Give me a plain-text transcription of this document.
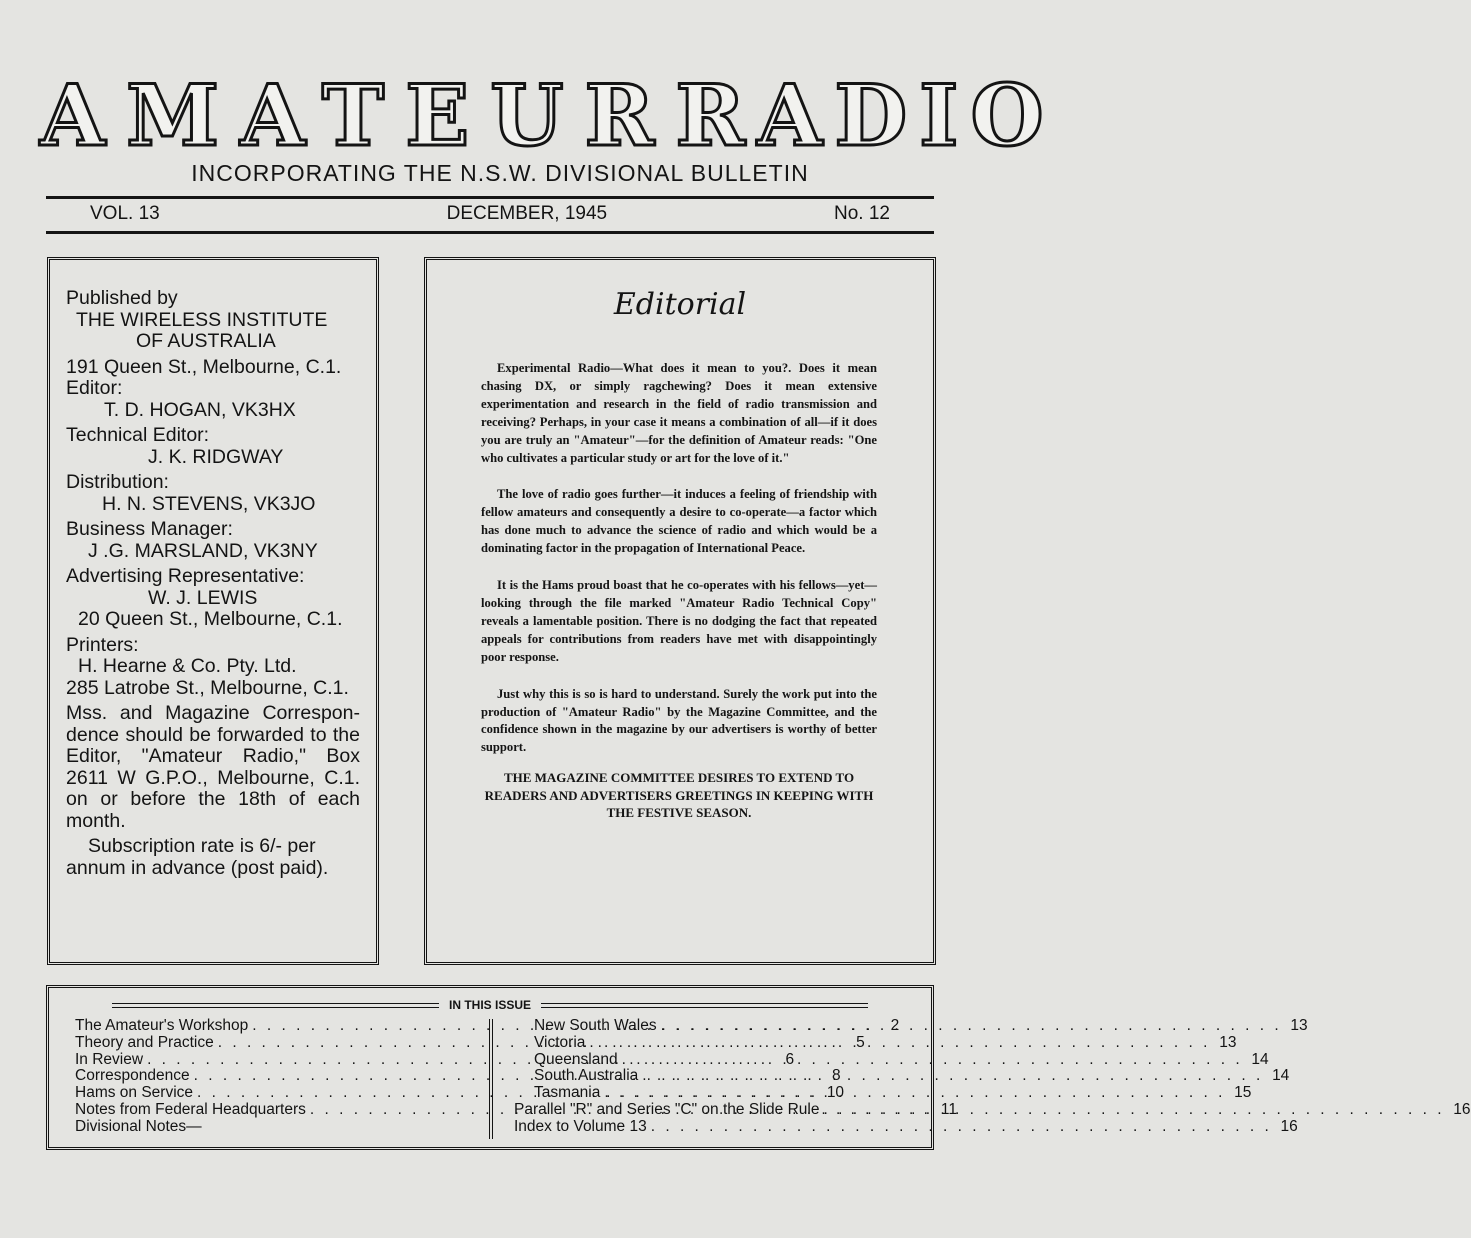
AMATEUR RADIO
INCORPORATING THE N.S.W. DIVISIONAL BULLETIN
VOL. 13	DECEMBER, 1945	No. 12
Published by
THE WIRELESS INSTITUTE
OF AUSTRALIA
191 Queen St., Melbourne, C.1.
Editor:
T. D. HOGAN, VK3HX
Technical Editor:
J. K. RIDGWAY
Distribution:
H. N. STEVENS, VK3JO
Business Manager:
J .G. MARSLAND, VK3NY
Advertising Representative:
W. J. LEWIS
20 Queen St., Melbourne, C.1.
Printers:
H. Hearne & Co. Pty. Ltd.
285 Latrobe St., Melbourne, C.1.
Mss. and Magazine Correspon-
dence should be forwarded to the
Editor, "Amateur Radio," Box
2611 W G.P.O., Melbourne, C.1.
on or before the 18th of each
month.
Subscription rate is 6/- per
annum in advance (post paid).
Editorial

Experimental Radio—What does it mean to you?. Does it mean chasing DX, or simply ragchewing? Does it mean extensive experimentation and research in the field of radio transmission and receiving? Perhaps, in your case it means a combination of all—if it does you are truly an "Amateur"—for the definition of Amateur reads: "One who cultivates a particular study or art for the love of it."

The love of radio goes further—it induces a feeling of friendship with fellow amateurs and consequently a desire to co-operate—a factor which has done much to advance the science of radio and which would be a dominating factor in the propagation of International Peace.

It is the Hams proud boast that he co-operates with his fellows—yet—looking through the file marked "Amateur Radio Technical Copy" reveals a lamentable position. There is no dodging the fact that repeated appeals for contributions from readers have met with disappointingly poor response.

Just why this is so is hard to understand. Surely the work put into the production of "Amateur Radio" by the Magazine Committee, and the confidence shown in the magazine by our advertisers is worthy of better support.

THE MAGAZINE COMMITTEE DESIRES TO EXTEND TO READERS AND ADVERTISERS GREETINGS IN KEEPING WITH THE FESTIVE SEASON.

IN THIS ISSUE
The Amateur's Workshop . . .	2
Theory and Practice . . .	5
In Review . . .	6
Correspondence . . .	8
Hams on Service . . .	10
Notes from Federal Headquarters . . .	11
Divisional Notes—
New South Wales . . .	13
Victoria . . .	13
Queensland . . .	14
South Australia . . .	14
Tasmania . . .	15
Parallel "R" and Series "C" on the Slide Rule . . .	16
Index to Volume 13 . . .	16
